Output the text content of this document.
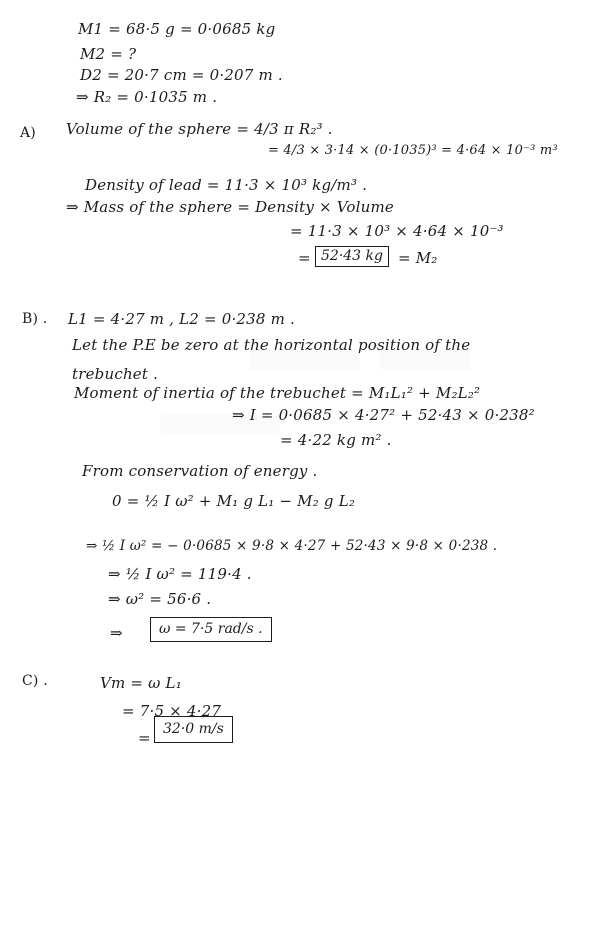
M1 = 68·5 g = 0·0685 kg
M2 = ?
D2 = 20·7 cm = 0·207 m .
⇒ R₂ = 0·1035 m .
A) Volume of the sphere = 4/3 π R₂³ .
= 4/3 × 3·14 × (0·1035)³ = 4·64 × 10⁻³ m³
Density of lead = 11·3 × 10³ kg/m³ .
⇒ Mass of the sphere = Density × Volume
= 11·3 × 10³ × 4·64 × 10⁻³
= 52·43 kg	= M₂
B) . L1 = 4·27 m , L2 = 0·238 m .
Let the P.E be zero at the horizontal position of the
trebuchet .
Moment of inertia of the trebuchet = M₁L₁² + M₂L₂²
⇒ I = 0·0685 × 4·27² + 52·43 × 0·238²
= 4·22 kg m² .
From conservation of energy .
0 = ½ I ω² + M₁ g L₁ − M₂ g L₂
⇒ ½ I ω² = − 0·0685 × 9·8 × 4·27 + 52·43 × 9·8 × 0·238 .
⇒ ½ I ω² = 119·4 .
⇒ ω² = 56·6 .
⇒	ω = 7·5 rad/s .
C) .	Vт = ω L₁
= 7·5 × 4·27
= 32·0 m/s
